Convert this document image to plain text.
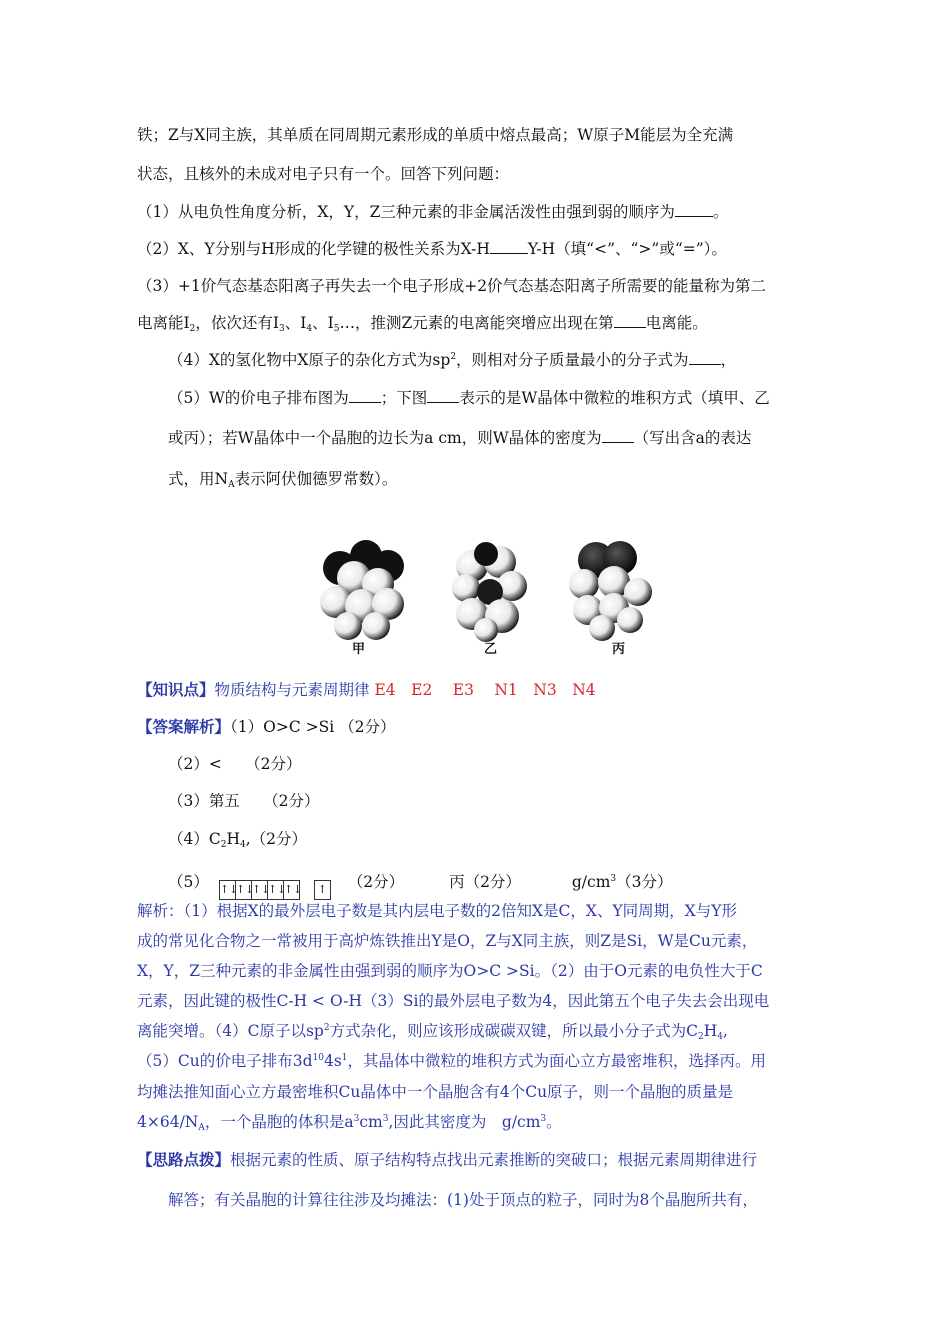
铁；Z与X同主族，其单质在同周期元素形成的单质中熔点最高；W原子M能层为全充满
状态，且核外的未成对电子只有一个。回答下列问题：
（1）从电负性角度分析，X，Y，Z三种元素的非金属活泼性由强到弱的顺序为 。
（2）X、Y分别与H形成的化学键的极性关系为X-H Y-H（填“<”、“>”或“=”）。
（3）+1价气态基态阳离子再失去一个电子形成+2价气态基态阳离子所需要的能量称为第二
电离能$I_2$，依次还有$I_3$、$I_4$、$I_5\dots$，推测Z元素的电离能突增应出现在第 电离能。
（4）X的氢化物中X原子的杂化方式为$sp^2$，则相对分子质量最小的分子式为 ，
（5）W的价电子排布图为 ；下图 表示的是W晶体中微粒的堆积方式（填甲、乙
或丙）；若W晶体中一个晶胞的边长为a cm，则W晶体的密度为 （写出含a的表达
式，用$N_A$表示阿伏伽德罗常数）。
甲	乙	丙
【知识点】物质结构与元素周期律 E4　E2　 E3　 N1　N3　N4
【答案解析】（1）O>C >Si （2分）
（2）<　　（2分）
（3）第五　　（2分）
$(4)C_2H_4,(2$分）
（5） ↑↓↑↓↑↓↑↓↑↓ ↑ （2分）	丙（2分）	$g/cm^3(3$分）
解析：（1）根据X的最外层电子数是其内层电子数的2倍知X是C，X、Y同周期，X与Y形
成的常见化合物之一常被用于高炉炼铁推出Y是O，Z与X同主族，则Z是Si，W是Cu元素，
X，Y，Z三种元素的非金属性由强到弱的顺序为O>C >Si。（2）由于O元素的电负性大于C
元素，因此键的极性C-H < O-H（3）Si的最外层电子数为4，因此第五个电子失去会出现电
离能突增。（4）C原子以$sp^2$方式杂化，则应该形成碳碳双键，所以最小分子式为$C_2H_4$,
（5）Cu的价电子排布$3d^{10}4s^1$，其晶体中微粒的堆积方式为面心立方最密堆积，选择丙。用
均摊法推知面心立方最密堆积Cu晶体中一个晶胞含有4个Cu原子，则一个晶胞的质量是
$4\times 64/N_A$，一个晶胞的体积是$a^3cm^3$,因此其密度为　$g/cm^3$。
【思路点拨】根据元素的性质、原子结构特点找出元素推断的突破口；根据元素周期律进行
解答；有关晶胞的计算往往涉及均摊法：(1)处于顶点的粒子，同时为8个晶胞所共有，
